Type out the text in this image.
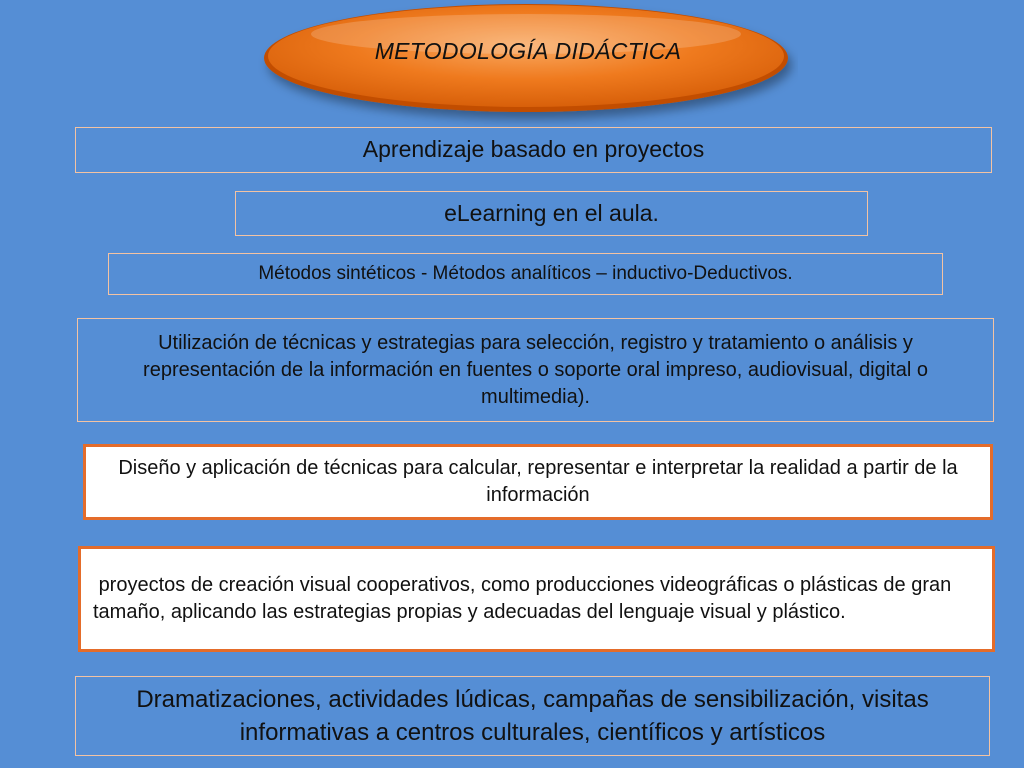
METODOLOGÍA DIDÁCTICA
Aprendizaje basado en proyectos
eLearning en el aula.
Métodos sintéticos - Métodos analíticos – inductivo-Deductivos.
Utilización de técnicas y estrategias para selección, registro y tratamiento o análisis y representación de la información en fuentes o soporte oral impreso, audiovisual, digital o multimedia).
Diseño y aplicación de técnicas para calcular, representar e interpretar la realidad a partir de la información
proyectos de creación visual cooperativos, como producciones videográficas o plásticas de gran tamaño, aplicando las estrategias propias y adecuadas del lenguaje visual y plástico.
Dramatizaciones, actividades lúdicas, campañas de sensibilización, visitas informativas a centros culturales, científicos y artísticos
